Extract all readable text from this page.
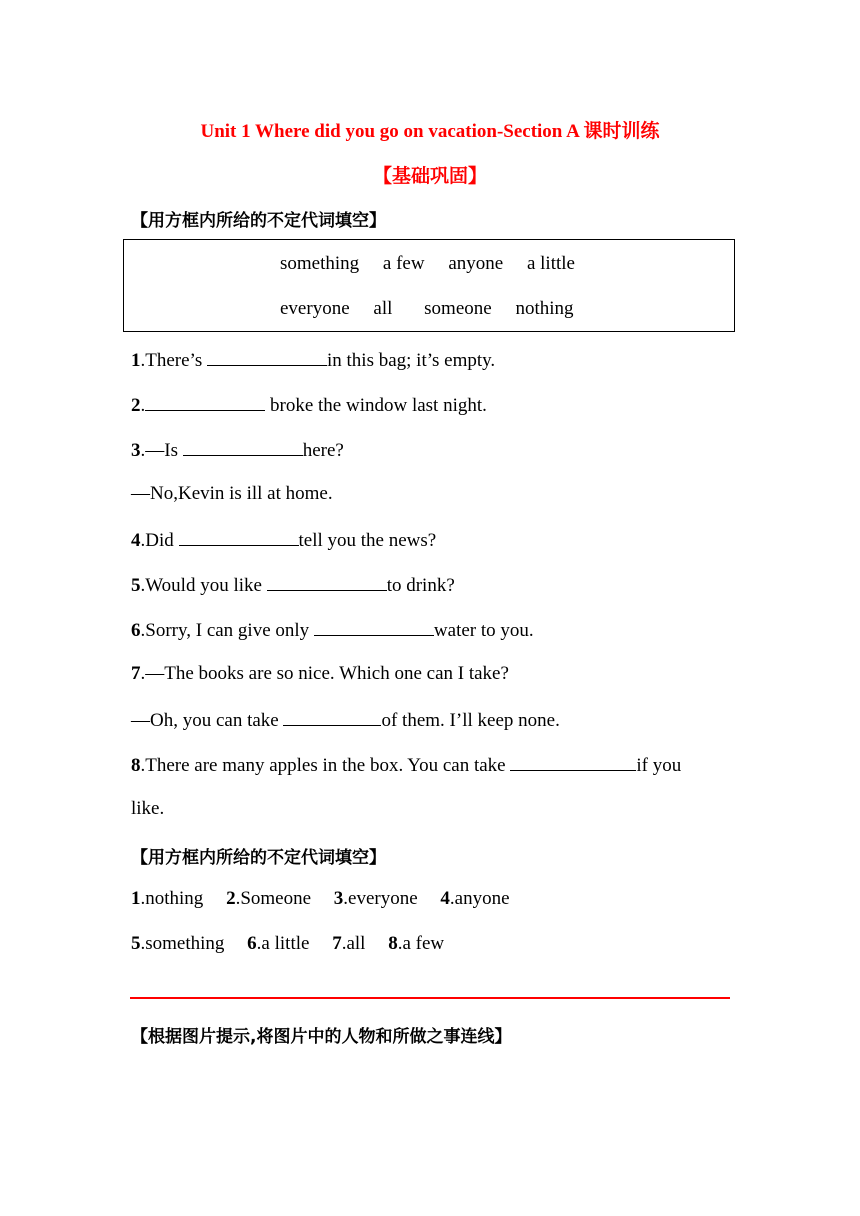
Unit 1 Where did you go on vacation-Section A 课时训练
【基础巩固】
【用方框内所给的不定代词填空】
something a few anyone a little
everyone all someone nothing
1.There’s	in this bag; it’s empty.
2.	broke the window last night.
3.—Is	here?
—No,Kevin is ill at home.
4.Did	tell you the news?
5.Would you like	to drink?
6.Sorry, I can give only	water to you.
7.—The books are so nice. Which one can I take?
—Oh, you can take	of them. I’ll keep none.
8.There are many apples in the box. You can take	if you
like.
【用方框内所给的不定代词填空】
1.nothing 2.Someone 3.everyone 4.anyone
5.something 6.a little 7.all 8.a few
【根据图片提示,将图片中的人物和所做之事连线】
